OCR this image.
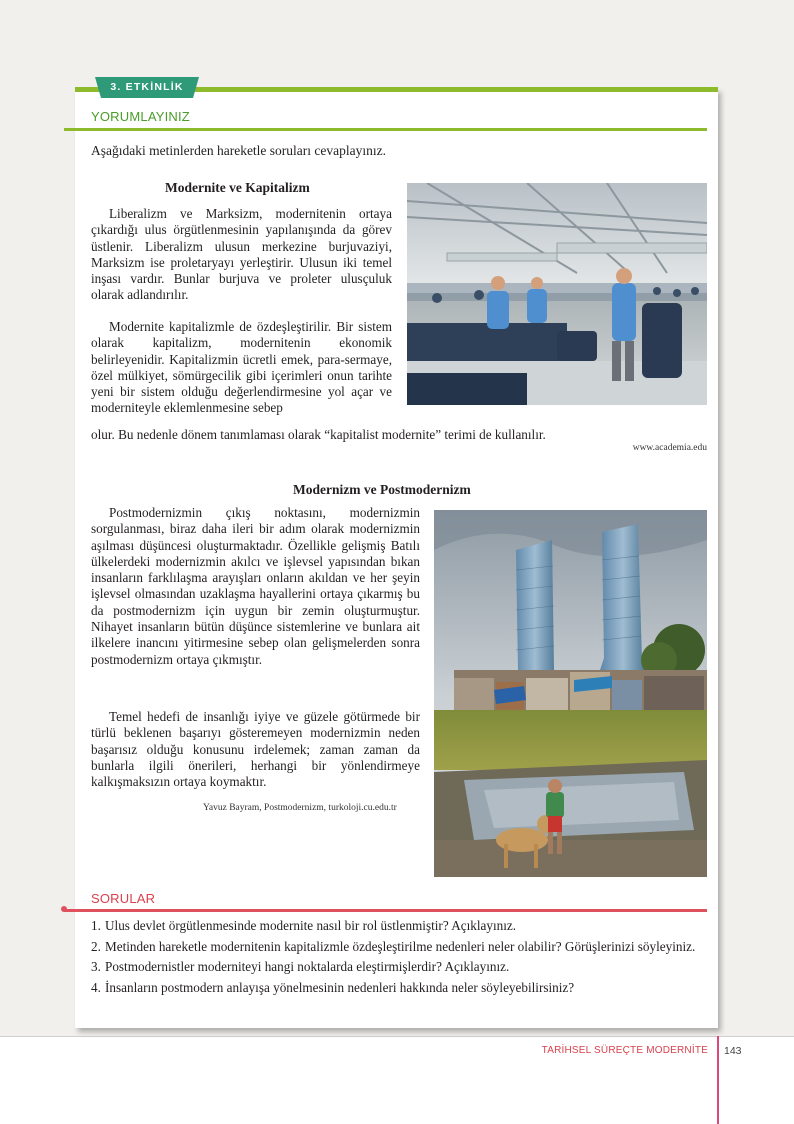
3. ETKİNLİK
YORUMLAYINIZ
Aşağıdaki metinlerden hareketle soruları cevaplayınız.
Modernite ve Kapitalizm

Liberalizm ve Marksizm, modernitenin ortaya çıkardığı ulus örgütlenmesinin yapılanışında da görev üstlenir. Liberalizm ulusun merkezine burjuvaziyi, Marksizm ise proletaryayı yerleştirir. Ulusun iki temel inşası vardır. Bunlar burjuva ve proleter ulusçuluk olarak adlandırılır.

Modernite kapitalizmle de özdeşleştirilir. Bir sistem olarak kapitalizm, modernitenin ekonomik belirleyenidir. Kapitalizmin ücretli emek, para-sermaye, özel mülkiyet, sömürgecilik gibi içerimleri onun tarihte yeni bir sistem olduğu değerlendirmesine yol açar ve moderniteyle eklemlenmesine sebep

olur. Bu nedenle dönem tanımlaması olarak “kapitalist modernite” terimi de kullanılır.

www.academia.edu
Modernizm ve Postmodernizm

Postmodernizmin çıkış noktasını, modernizmin sorgulanması, biraz daha ileri bir adım olarak modernizmin aşılması düşüncesi oluşturmaktadır. Özellikle gelişmiş Batılı ülkelerdeki modernizmin akılcı ve işlevsel yapısından bıkan insanların farklılaşma arayışları onların akıldan ve her şeyin işlevsel olmasından uzaklaşma hayallerini ortaya çıkarmış bu da postmodernizm için uygun bir zemin oluşturmuştur. Nihayet insanların bütün düşünce sistemlerine ve bunlara ait ilkelere inancını yitirmesine sebep olan gelişmelerden sonra postmodernizm ortaya çıkmıştır.

Temel hedefi de insanlığı iyiye ve güzele götürmede bir türlü beklenen başarıyı gösteremeyen modernizmin neden başarısız olduğu konusunu irdelemek; zaman zaman da bunlarla ilgili önerileri, herhangi bir yönlendirmeye kalkışmaksızın ortaya koymaktır.

Yavuz Bayram, Postmodernizm, turkoloji.cu.edu.tr
SORULAR
1. Ulus devlet örgütlenmesinde modernite nasıl bir rol üstlenmiştir? Açıklayınız.
2. Metinden hareketle modernitenin kapitalizmle özdeşleştirilme nedenleri neler olabilir? Görüşlerinizi söyleyiniz.
3. Postmodernistler moderniteyi hangi noktalarda eleştirmişlerdir? Açıklayınız.
4. İnsanların postmodern anlayışa yönelmesinin nedenleri hakkında neler söyleyebilirsiniz?
TARİHSEL SÜREÇTE MODERNİTE 143
